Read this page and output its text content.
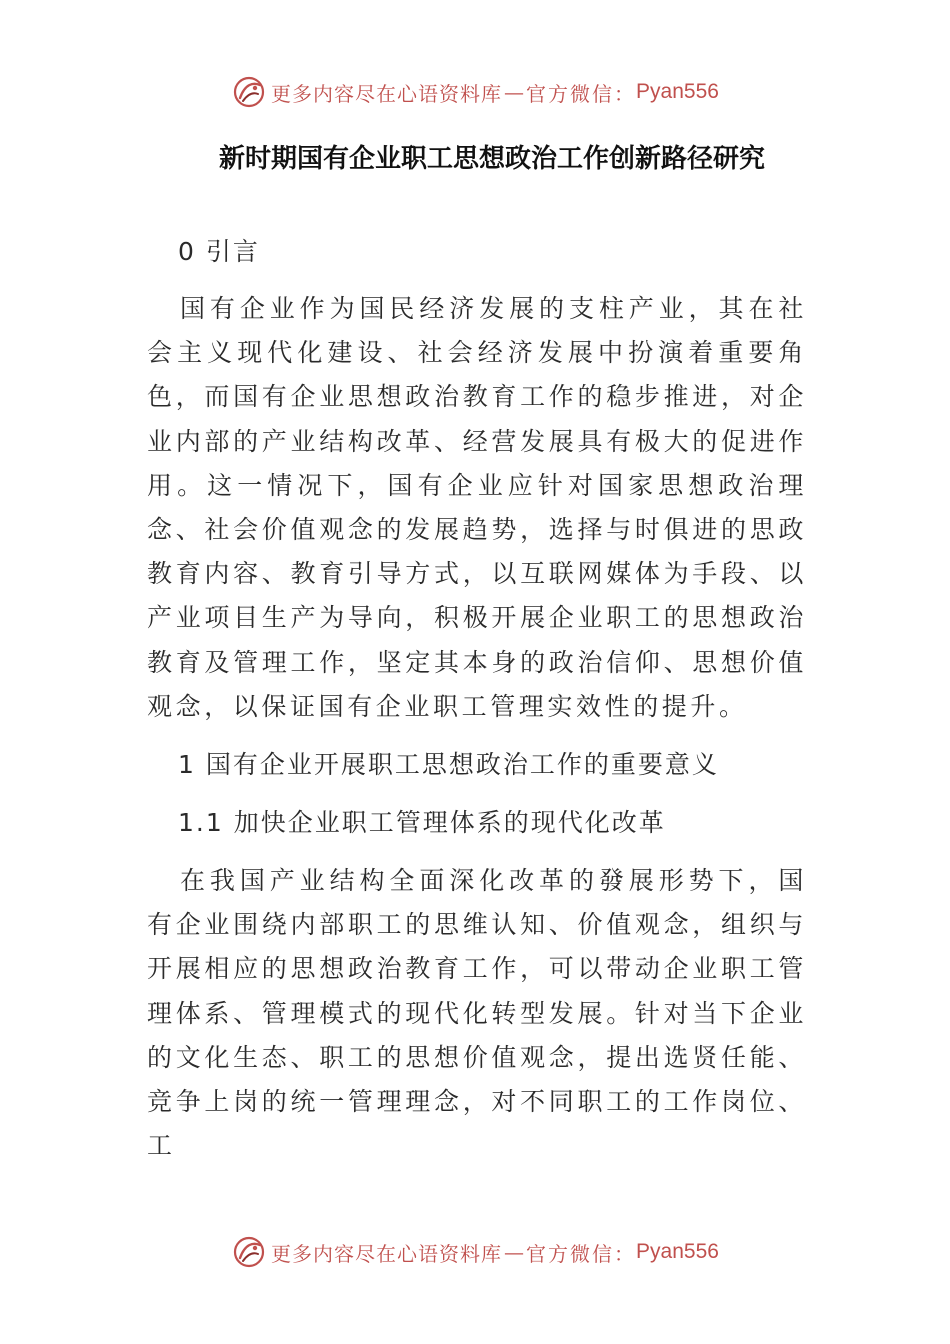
更多内容尽在心语资料库 — 官方微信： Pyan556
新时期国有企业职工思想政治工作创新路径研究

0 引言

国有企业作为国民经济发展的支柱产业，其在社会主义现代化建设、社会经济发展中扮演着重要角色，而国有企业思想政治教育工作的稳步推进，对企业内部的产业结构改革、经营发展具有极大的促进作用。这一情况下，国有企业应针对国家思想政治理念、社会价值观念的发展趋势，选择与时俱进的思政教育内容、教育引导方式，以互联网媒体为手段、以产业项目生产为导向，积极开展企业职工的思想政治教育及管理工作，坚定其本身的政治信仰、思想价值观念，以保证国有企业职工管理实效性的提升。

1 国有企业开展职工思想政治工作的重要意义

1.1 加快企业职工管理体系的现代化改革

在我国产业结构全面深化改革的發展形势下，国有企业围绕内部职工的思维认知、价值观念，组织与开展相应的思想政治教育工作，可以带动企业职工管理体系、管理模式的现代化转型发展。针对当下企业的文化生态、职工的思想价值观念，提出选贤任能、竞争上岗的统一管理理念，对不同职工的工作岗位、工

更多内容尽在心语资料库 — 官方微信： Pyan556
